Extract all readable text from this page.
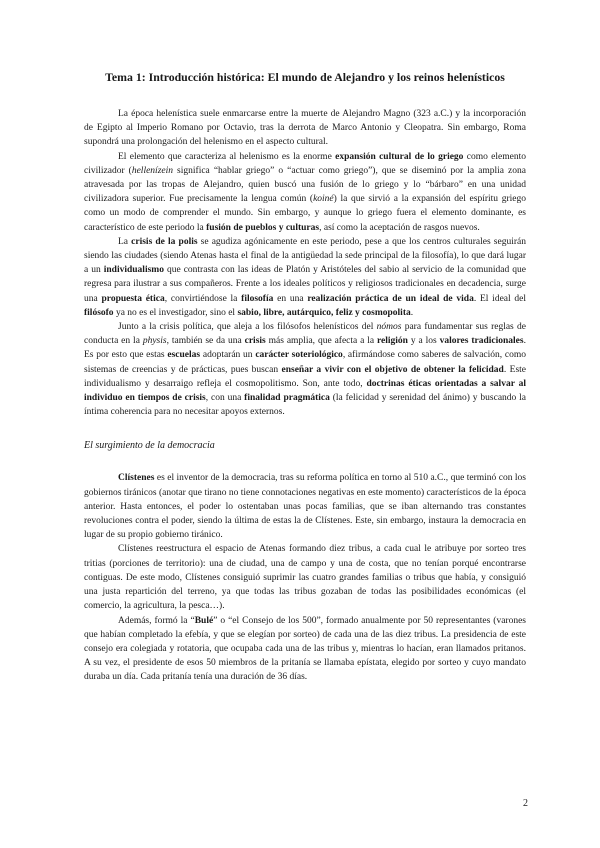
Tema 1: Introducción histórica: El mundo de Alejandro y los reinos helenísticos

La época helenística suele enmarcarse entre la muerte de Alejandro Magno (323 a.C.) y la incorporación de Egipto al Imperio Romano por Octavio, tras la derrota de Marco Antonio y Cleopatra. Sin embargo, Roma supondrá una prolongación del helenismo en el aspecto cultural.

El elemento que caracteriza al helenismo es la enorme expansión cultural de lo griego como elemento civilizador (hellenízein significa “hablar griego” o “actuar como griego”), que se diseminó por la amplia zona atravesada por las tropas de Alejandro, quien buscó una fusión de lo griego y lo “bárbaro” en una unidad civilizadora superior. Fue precisamente la lengua común (koiné) la que sirvió a la expansión del espíritu griego como un modo de comprender el mundo. Sin embargo, y aunque lo griego fuera el elemento dominante, es característico de este periodo la fusión de pueblos y culturas, así como la aceptación de rasgos nuevos.

La crisis de la polis se agudiza agónicamente en este periodo, pese a que los centros culturales seguirán siendo las ciudades (siendo Atenas hasta el final de la antigüedad la sede principal de la filosofía), lo que dará lugar a un individualismo que contrasta con las ideas de Platón y Aristóteles del sabio al servicio de la comunidad que regresa para ilustrar a sus compañeros. Frente a los ideales políticos y religiosos tradicionales en decadencia, surge una propuesta ética, convirtiéndose la filosofía en una realización práctica de un ideal de vida. El ideal del filósofo ya no es el investigador, sino el sabio, libre, autárquico, feliz y cosmopolita.

Junto a la crisis política, que aleja a los filósofos helenísticos del nómos para fundamentar sus reglas de conducta en la physis, también se da una crisis más amplia, que afecta a la religión y a los valores tradicionales. Es por esto que estas escuelas adoptarán un carácter soteriológico, afirmándose como saberes de salvación, como sistemas de creencias y de prácticas, pues buscan enseñar a vivir con el objetivo de obtener la felicidad. Este individualismo y desarraigo refleja el cosmopolitismo. Son, ante todo, doctrinas éticas orientadas a salvar al individuo en tiempos de crisis, con una finalidad pragmática (la felicidad y serenidad del ánimo) y buscando la íntima coherencia para no necesitar apoyos externos.

El surgimiento de la democracia

Clístenes es el inventor de la democracia, tras su reforma política en torno al 510 a.C., que terminó con los gobiernos tiránicos (anotar que tirano no tiene connotaciones negativas en este momento) característicos de la época anterior. Hasta entonces, el poder lo ostentaban unas pocas familias, que se iban alternando tras constantes revoluciones contra el poder, siendo la última de estas la de Clístenes. Este, sin embargo, instaura la democracia en lugar de su propio gobierno tiránico.

Clístenes reestructura el espacio de Atenas formando diez tribus, a cada cual le atribuye por sorteo tres tritias (porciones de territorio): una de ciudad, una de campo y una de costa, que no tenían porqué encontrarse contiguas. De este modo, Clístenes consiguió suprimir las cuatro grandes familias o tribus que había, y consiguió una justa repartición del terreno, ya que todas las tribus gozaban de todas las posibilidades económicas (el comercio, la agricultura, la pesca…).

Además, formó la “Bulé” o “el Consejo de los 500”, formado anualmente por 50 representantes (varones que habían completado la efebía, y que se elegían por sorteo) de cada una de las diez tribus. La presidencia de este consejo era colegiada y rotatoria, que ocupaba cada una de las tribus y, mientras lo hacían, eran llamados pritanos. A su vez, el presidente de esos 50 miembros de la pritanía se llamaba epístata, elegido por sorteo y cuyo mandato duraba un día. Cada pritanía tenía una duración de 36 días.

2
